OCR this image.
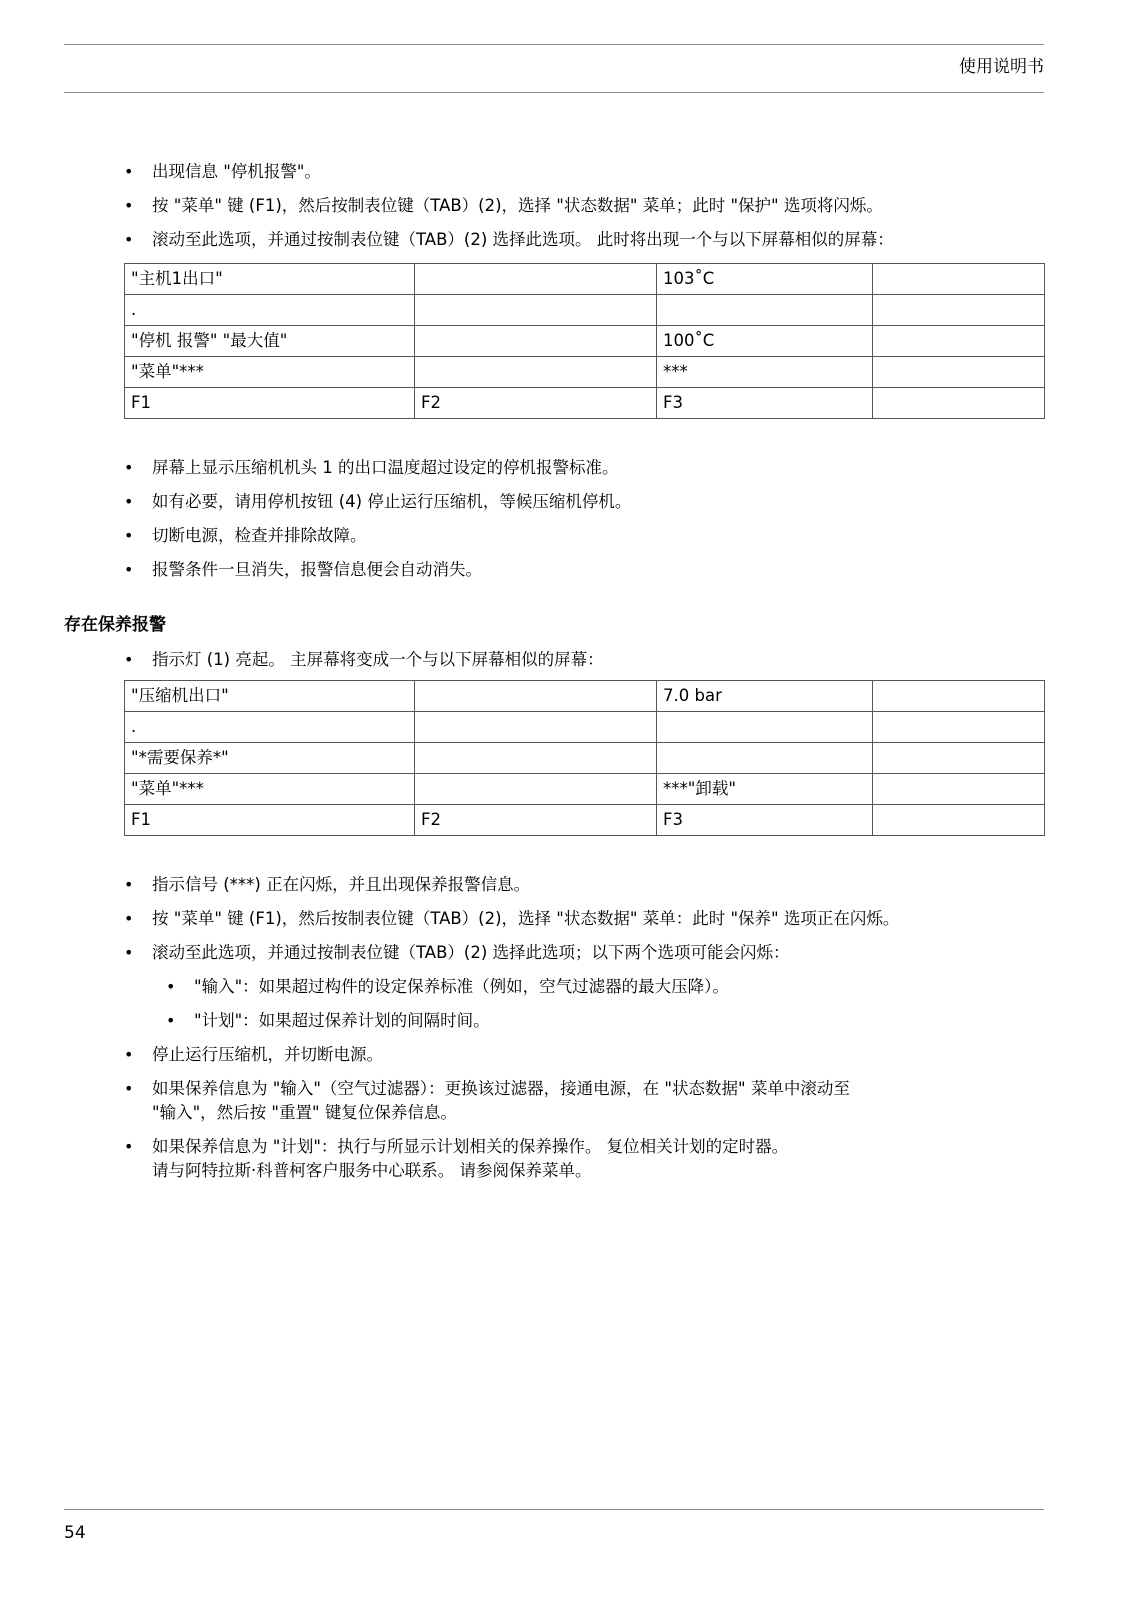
使用说明书
• 出现信息 "停机报警"。
• 按 "菜单" 键 (F1)，然后按制表位键（TAB）(2)，选择 "状态数据" 菜单；此时 "保护" 选项将闪烁。
• 滚动至此选项，并通过按制表位键（TAB）(2) 选择此选项。 此时将出现一个与以下屏幕相似的屏幕：
"主机1出口"		103˚C	
.			
"停机 报警" "最大值"		100˚C	
"菜单"***		***	
F1	F2	F3	
• 屏幕上显示压缩机机头 1 的出口温度超过设定的停机报警标准。
• 如有必要，请用停机按钮 (4) 停止运行压缩机，等候压缩机停机。
• 切断电源，检查并排除故障。
• 报警条件一旦消失，报警信息便会自动消失。
存在保养报警
• 指示灯 (1) 亮起。 主屏幕将变成一个与以下屏幕相似的屏幕：
"压缩机出口"		7.0 bar	
.			
"*需要保养*"			
"菜单"***		***"卸载"	
F1	F2	F3	
• 指示信号 (***) 正在闪烁，并且出现保养报警信息。
• 按 "菜单" 键 (F1)，然后按制表位键（TAB）(2)，选择 "状态数据" 菜单：此时 "保养" 选项正在闪烁。
• 滚动至此选项，并通过按制表位键（TAB）(2) 选择此选项；以下两个选项可能会闪烁：
• "输入"：如果超过构件的设定保养标准（例如，空气过滤器的最大压降）。
• "计划"：如果超过保养计划的间隔时间。
• 停止运行压缩机，并切断电源。
• 如果保养信息为 "输入"（空气过滤器）：更换该过滤器，接通电源，在 "状态数据" 菜单中滚动至
"输入"，然后按 "重置" 键复位保养信息。
• 如果保养信息为 "计划"：执行与所显示计划相关的保养操作。 复位相关计划的定时器。
请与阿特拉斯·科普柯客户服务中心联系。 请参阅保养菜单。
54
